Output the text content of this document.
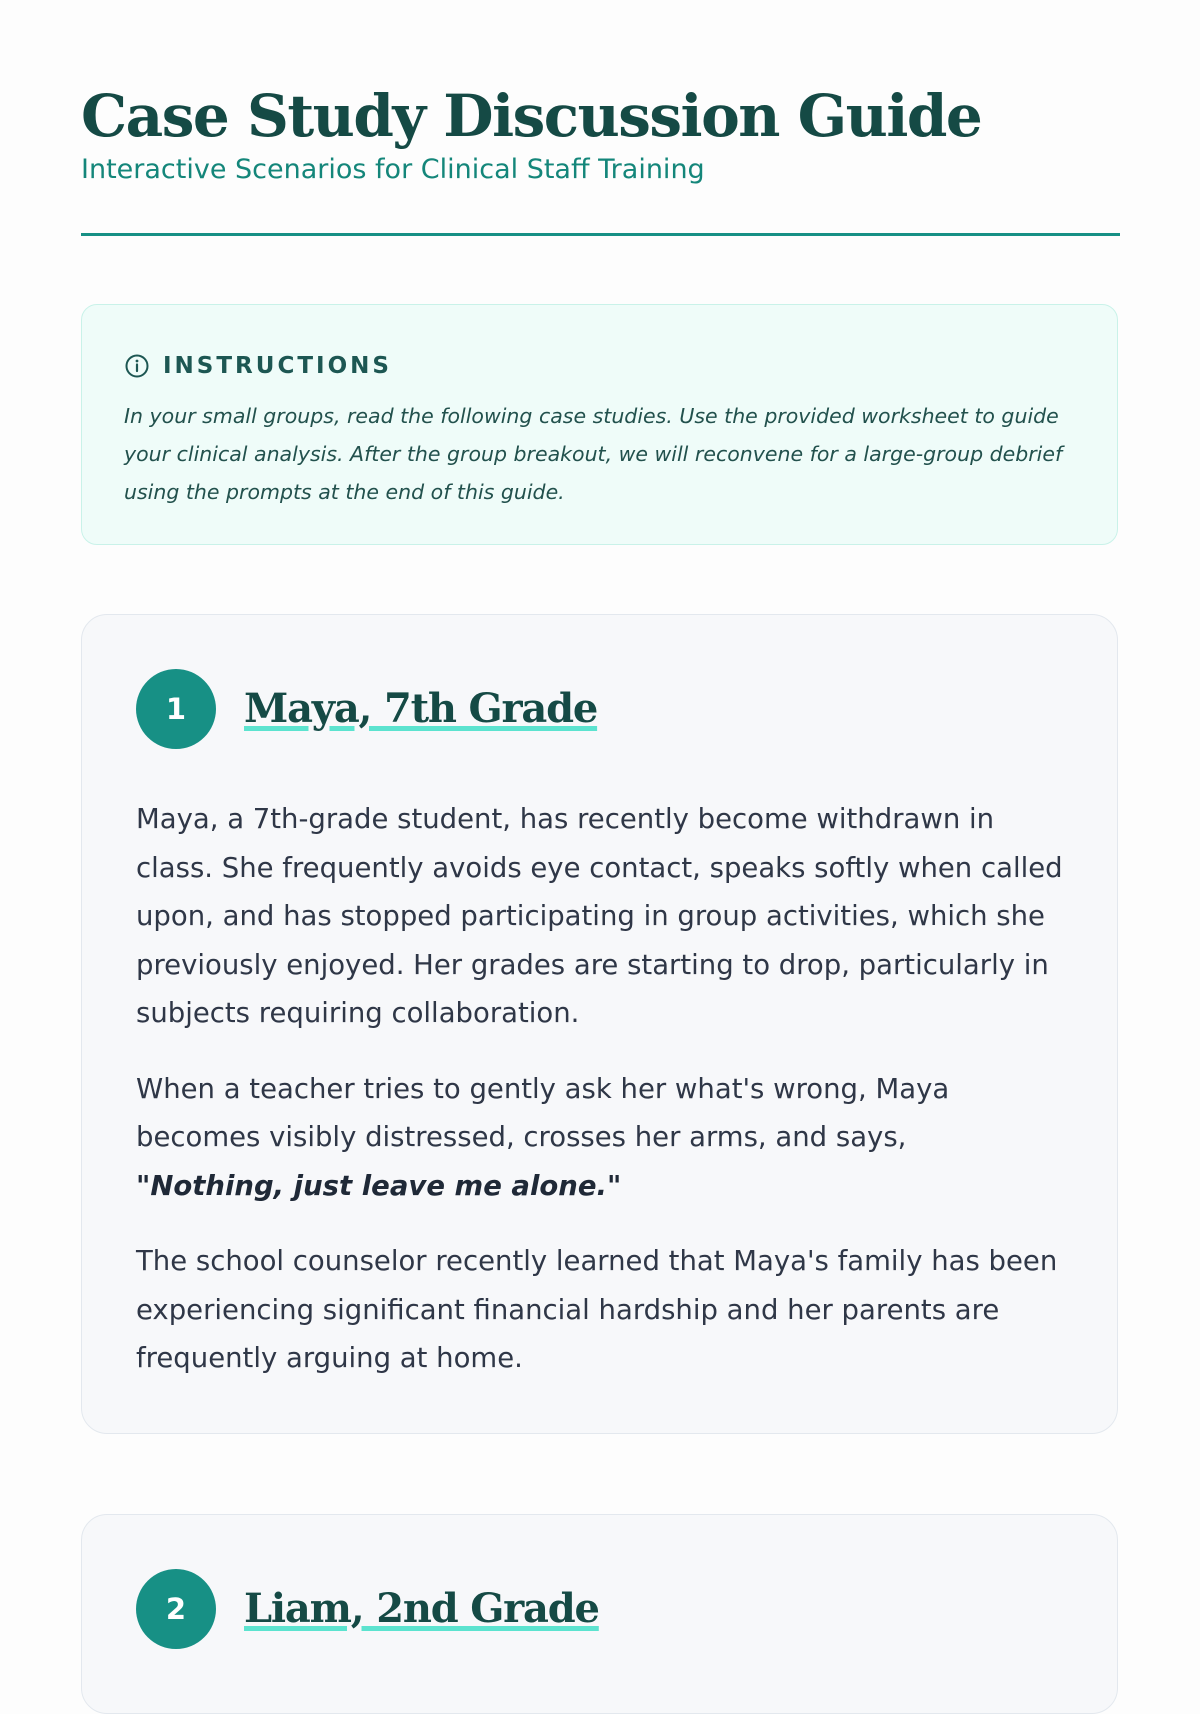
Case Study Discussion Guide

Interactive Scenarios for Clinical Staff Training

INSTRUCTIONS

In your small groups, read the following case studies. Use the provided worksheet to guide your clinical analysis. After the group breakout, we will reconvene for a large-group debrief using the prompts at the end of this guide.

1	Maya, 7th Grade

Maya, a 7th-grade student, has recently become withdrawn in class. She frequently avoids eye contact, speaks softly when called upon, and has stopped participating in group activities, which she previously enjoyed. Her grades are starting to drop, particularly in subjects requiring collaboration.

When a teacher tries to gently ask her what's wrong, Maya becomes visibly distressed, crosses her arms, and says,
"Nothing, just leave me alone."

The school counselor recently learned that Maya's family has been experiencing significant financial hardship and her parents are frequently arguing at home.

2	Liam, 2nd Grade
